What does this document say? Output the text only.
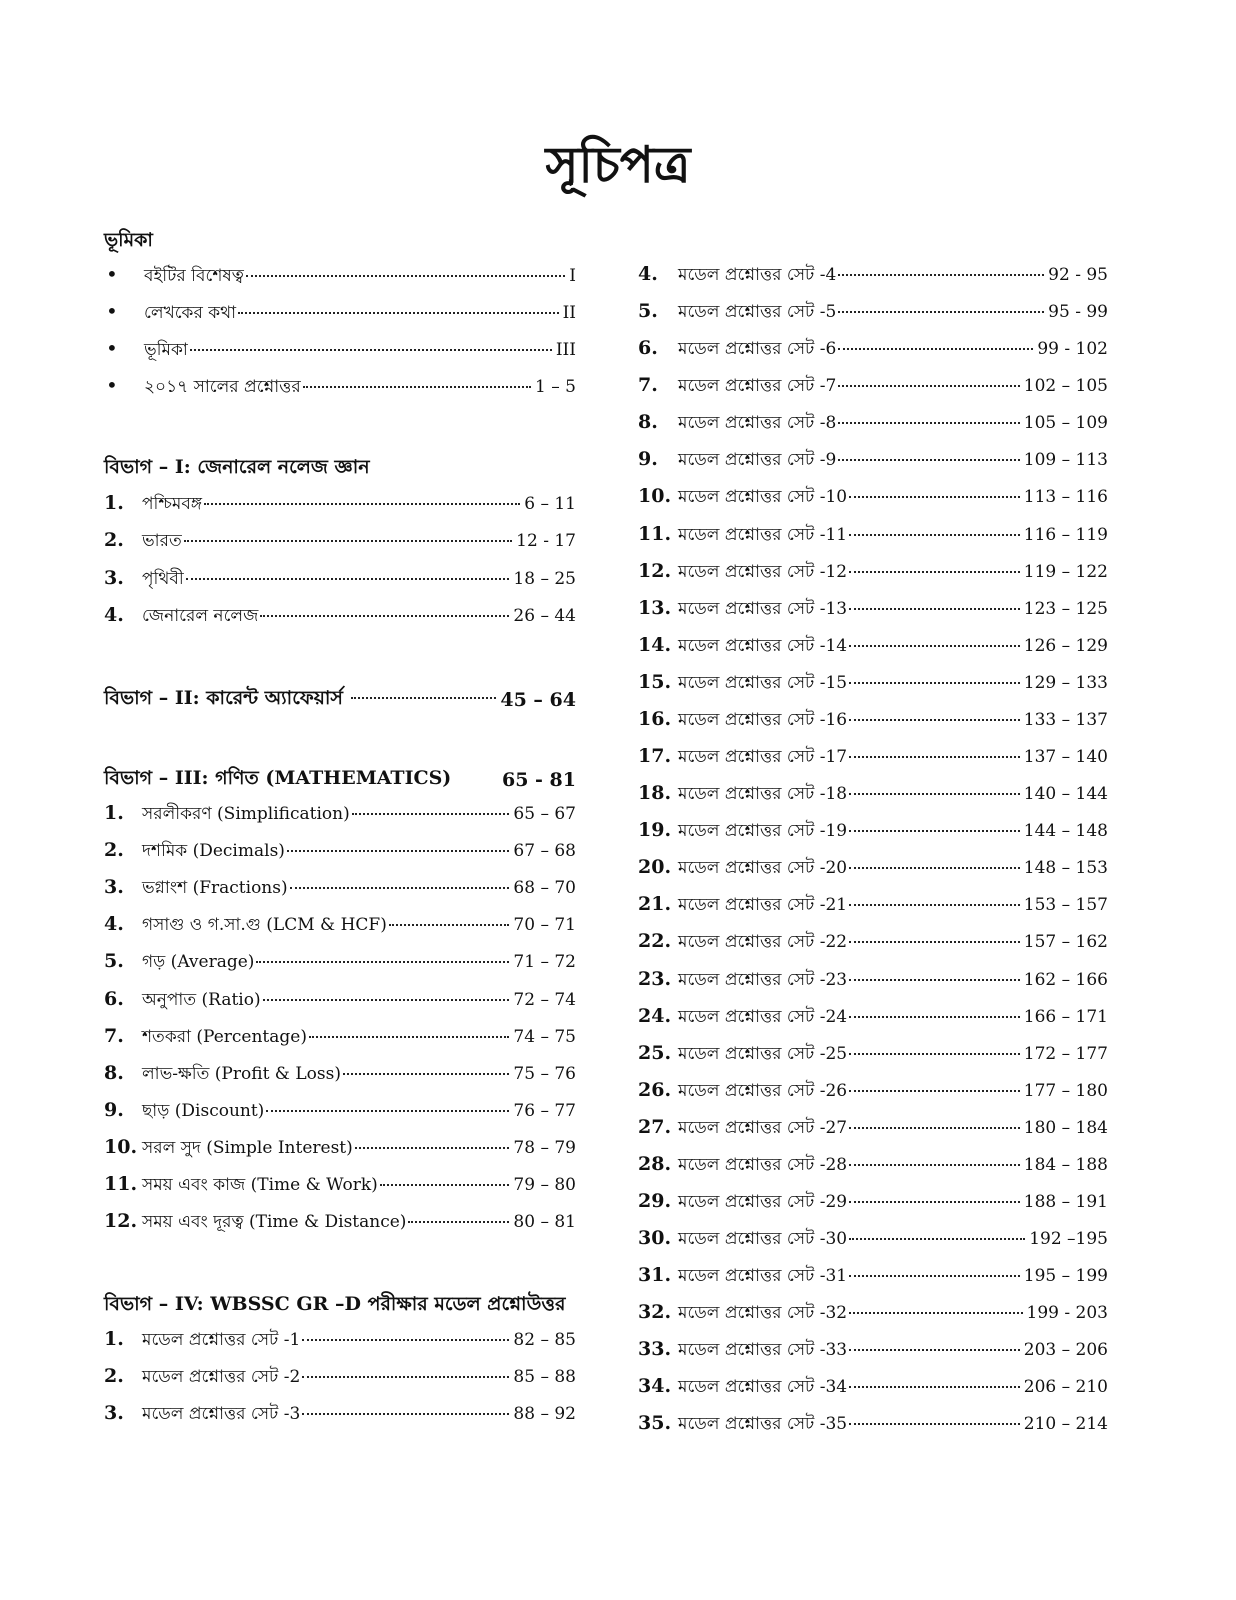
সূচিপত্র
ভূমিকা
•	বইটির বিশেষত্ব	I
•	লেখকের কথা	II
•	ভূমিকা	III
•	২০১৭ সালের প্রশ্নোত্তর	1 – 5
বিভাগ – I: জেনারেল নলেজ জ্ঞান
1.	পশ্চিমবঙ্গ	6 – 11
2.	ভারত	12 - 17
3.	পৃথিবী	18 – 25
4.	জেনারেল নলেজ	26 – 44
বিভাগ – II: কারেন্ট অ্যাফেয়ার্স	45 – 64
বিভাগ – III: গণিত (MATHEMATICS)	65 - 81
1.	সরলীকরণ (Simplification)	65 – 67
2.	দশমিক (Decimals)	67 – 68
3.	ভগ্নাংশ (Fractions)	68 – 70
4.	গসাগু ও গ.সা.গু (LCM & HCF)	70 – 71
5.	গড় (Average)	71 – 72
6.	অনুপাত (Ratio)	72 – 74
7.	শতকরা (Percentage)	74 – 75
8.	লাভ-ক্ষতি (Profit & Loss)	75 – 76
9.	ছাড় (Discount)	76 – 77
10. সরল সুদ (Simple Interest)	78 – 79
11. সময় এবং কাজ (Time & Work)	79 – 80
12. সময় এবং দূরত্ব (Time & Distance)	80 – 81
বিভাগ – IV: WBSSC GR –D পরীক্ষার মডেল প্রশ্নোউত্তর
1.	মডেল প্রশ্নোত্তর সেট -1	82 – 85
2.	মডেল প্রশ্নোত্তর সেট -2	85 – 88
3.	মডেল প্রশ্নোত্তর সেট -3	88 – 92
4.	মডেল প্রশ্নোত্তর সেট -4	92 - 95
5.	মডেল প্রশ্নোত্তর সেট -5	95 - 99
6.	মডেল প্রশ্নোত্তর সেট -6	99 - 102
7.	মডেল প্রশ্নোত্তর সেট -7	102 – 105
8.	মডেল প্রশ্নোত্তর সেট -8	105 – 109
9.	মডেল প্রশ্নোত্তর সেট -9	109 – 113
10. মডেল প্রশ্নোত্তর সেট -10	113 – 116
11. মডেল প্রশ্নোত্তর সেট -11	116 – 119
12. মডেল প্রশ্নোত্তর সেট -12	119 – 122
13. মডেল প্রশ্নোত্তর সেট -13	123 – 125
14. মডেল প্রশ্নোত্তর সেট -14	126 – 129
15. মডেল প্রশ্নোত্তর সেট -15	129 – 133
16. মডেল প্রশ্নোত্তর সেট -16	133 – 137
17. মডেল প্রশ্নোত্তর সেট -17	137 – 140
18. মডেল প্রশ্নোত্তর সেট -18	140 – 144
19. মডেল প্রশ্নোত্তর সেট -19	144 – 148
20. মডেল প্রশ্নোত্তর সেট -20	148 – 153
21. মডেল প্রশ্নোত্তর সেট -21	153 – 157
22. মডেল প্রশ্নোত্তর সেট -22	157 – 162
23. মডেল প্রশ্নোত্তর সেট -23	162 – 166
24. মডেল প্রশ্নোত্তর সেট -24	166 – 171
25. মডেল প্রশ্নোত্তর সেট -25	172 – 177
26. মডেল প্রশ্নোত্তর সেট -26	177 – 180
27. মডেল প্রশ্নোত্তর সেট -27	180 – 184
28. মডেল প্রশ্নোত্তর সেট -28	184 – 188
29. মডেল প্রশ্নোত্তর সেট -29	188 – 191
30. মডেল প্রশ্নোত্তর সেট -30	192 –195
31. মডেল প্রশ্নোত্তর সেট -31	195 – 199
32. মডেল প্রশ্নোত্তর সেট -32	199 - 203
33. মডেল প্রশ্নোত্তর সেট -33	203 – 206
34. মডেল প্রশ্নোত্তর সেট -34	206 – 210
35. মডেল প্রশ্নোত্তর সেট -35	210 – 214
